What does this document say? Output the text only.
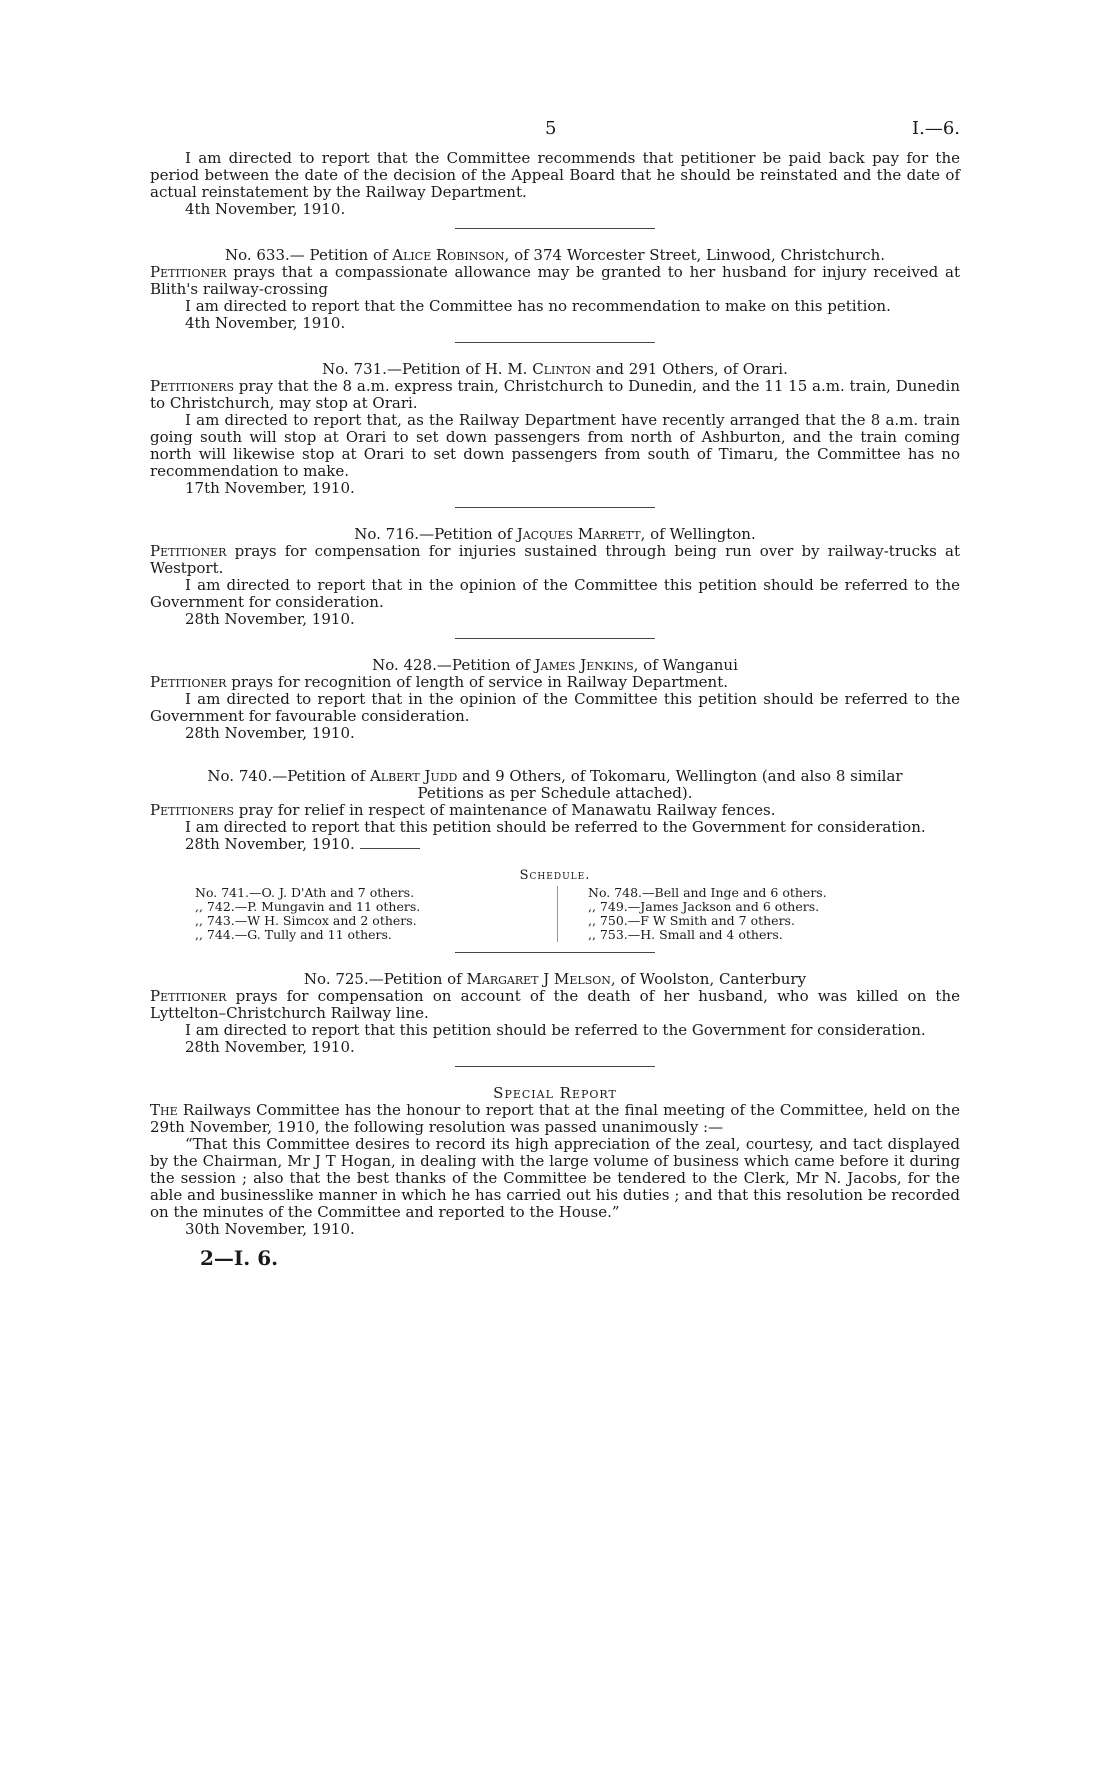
5	I.—6.

I am directed to report that the Committee recommends that petitioner be paid back pay for the period between the date of the decision of the Appeal Board that he should be reinstated and the date of actual reinstatement by the Railway Department.

4th November, 1910.

No. 633.— Petition of Alice Robinson, of 374 Worcester Street, Linwood, Christchurch.

Petitioner prays that a compassionate allowance may be granted to her husband for injury received at Blith's railway-crossing

I am directed to report that the Committee has no recommendation to make on this petition.

4th November, 1910.

No. 731.—Petition of H. M. Clinton and 291 Others, of Orari.

Petitioners pray that the 8 a.m. express train, Christchurch to Dunedin, and the 11 15 a.m. train, Dunedin to Christchurch, may stop at Orari.

I am directed to report that, as the Railway Department have recently arranged that the 8 a.m. train going south will stop at Orari to set down passengers from north of Ashburton, and the train coming north will likewise stop at Orari to set down passengers from south of Timaru, the Committee has no recommendation to make.

17th November, 1910.

No. 716.—Petition of Jacques Marrett, of Wellington.

Petitioner prays for compensation for injuries sustained through being run over by railway-trucks at Westport.

I am directed to report that in the opinion of the Committee this petition should be referred to the Government for consideration.

28th November, 1910.

No. 428.—Petition of James Jenkins, of Wanganui

Petitioner prays for recognition of length of service in Railway Department.

I am directed to report that in the opinion of the Committee this petition should be referred to the Government for favourable consideration.

28th November, 1910.

No. 740.—Petition of Albert Judd and 9 Others, of Tokomaru, Wellington (and also 8 similar

Petitions as per Schedule attached).

Petitioners pray for relief in respect of maintenance of Manawatu Railway fences.

I am directed to report that this petition should be referred to the Government for consideration.

28th November, 1910.

Schedule.

No. 741.—O. J. D'Ath and 7 others.
,, 742.—P. Mungavin and 11 others.
,, 743.—W H. Simcox and 2 others.
,, 744.—G. Tully and 11 others.
No. 748.—Bell and Inge and 6 others.
,, 749.—James Jackson and 6 others.
,, 750.—F W Smith and 7 others.
,, 753.—H. Small and 4 others.

No. 725.—Petition of Margaret J Melson, of Woolston, Canterbury

Petitioner prays for compensation on account of the death of her husband, who was killed on the Lyttelton–Christchurch Railway line.

I am directed to report that this petition should be referred to the Government for consideration.

28th November, 1910.

Special Report

The Railways Committee has the honour to report that at the final meeting of the Committee, held on the 29th November, 1910, the following resolution was passed unanimously :—

“That this Committee desires to record its high appreciation of the zeal, courtesy, and tact displayed by the Chairman, Mr J T Hogan, in dealing with the large volume of business which came before it during the session ; also that the best thanks of the Committee be tendered to the Clerk, Mr N. Jacobs, for the able and businesslike manner in which he has carried out his duties ; and that this resolution be recorded on the minutes of the Committee and reported to the House.”

30th November, 1910.

2—I. 6.
